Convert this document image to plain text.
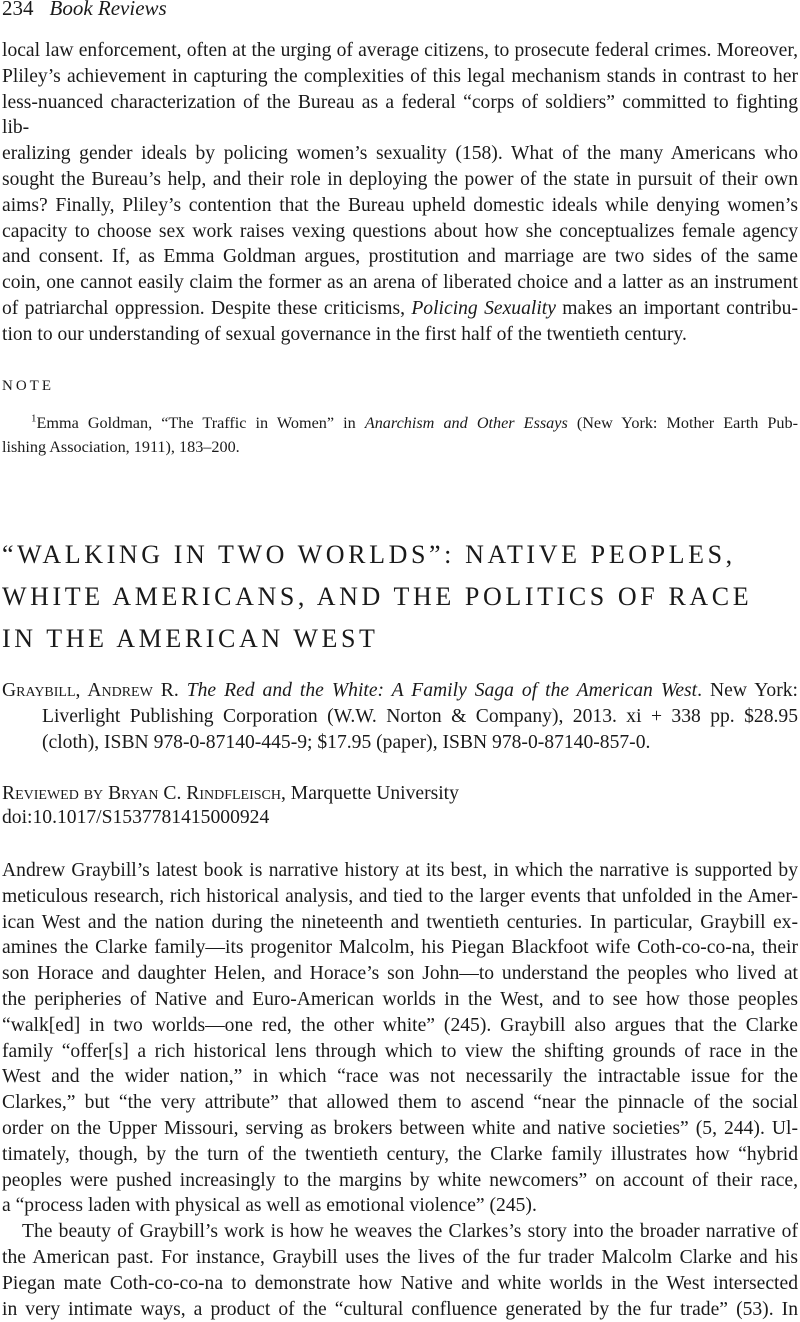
234 Book Reviews
local law enforcement, often at the urging of average citizens, to prosecute federal crimes. Moreover,
Pliley’s achievement in capturing the complexities of this legal mechanism stands in contrast to her
less-nuanced characterization of the Bureau as a federal “corps of soldiers” committed to fighting lib-
eralizing gender ideals by policing women’s sexuality (158). What of the many Americans who
sought the Bureau’s help, and their role in deploying the power of the state in pursuit of their own
aims? Finally, Pliley’s contention that the Bureau upheld domestic ideals while denying women’s
capacity to choose sex work raises vexing questions about how she conceptualizes female agency
and consent. If, as Emma Goldman argues, prostitution and marriage are two sides of the same
coin, one cannot easily claim the former as an arena of liberated choice and a latter as an instrument
of patriarchal oppression. Despite these criticisms, Policing Sexuality makes an important contribu-
tion to our understanding of sexual governance in the first half of the twentieth century.
NOTE
$^1$Emma Goldman, “The Traffic in Women” in Anarchism and Other Essays (New York: Mother Earth Pub-
lishing Association, 1911), 183–200.
“WALKING IN TWO WORLDS”: NATIVE PEOPLES,
WHITE AMERICANS, AND THE POLITICS OF RACE
IN THE AMERICAN WEST
Graybill, Andrew R. The Red and the White: A Family Saga of the American West. New York:
Liverlight Publishing Corporation (W.W. Norton & Company), 2013. xi + 338 pp. $28.95
(cloth), ISBN 978-0-87140-445-9; $17.95 (paper), ISBN 978-0-87140-857-0.
Reviewed by Bryan C. Rindfleisch, Marquette University
doi:10.1017/S1537781415000924
Andrew Graybill’s latest book is narrative history at its best, in which the narrative is supported by
meticulous research, rich historical analysis, and tied to the larger events that unfolded in the Amer-
ican West and the nation during the nineteenth and twentieth centuries. In particular, Graybill ex-
amines the Clarke family—its progenitor Malcolm, his Piegan Blackfoot wife Coth-co-co-na, their
son Horace and daughter Helen, and Horace’s son John—to understand the peoples who lived at
the peripheries of Native and Euro-American worlds in the West, and to see how those peoples
“walk[ed] in two worlds—one red, the other white” (245). Graybill also argues that the Clarke
family “offer[s] a rich historical lens through which to view the shifting grounds of race in the
West and the wider nation,” in which “race was not necessarily the intractable issue for the
Clarkes,” but “the very attribute” that allowed them to ascend “near the pinnacle of the social
order on the Upper Missouri, serving as brokers between white and native societies” (5, 244). Ul-
timately, though, by the turn of the twentieth century, the Clarke family illustrates how “hybrid
peoples were pushed increasingly to the margins by white newcomers” on account of their race,
a “process laden with physical as well as emotional violence” (245).
The beauty of Graybill’s work is how he weaves the Clarkes’s story into the broader narrative of
the American past. For instance, Graybill uses the lives of the fur trader Malcolm Clarke and his
Piegan mate Coth-co-co-na to demonstrate how Native and white worlds in the West intersected
in very intimate ways, a product of the “cultural confluence generated by the fur trade” (53). In
